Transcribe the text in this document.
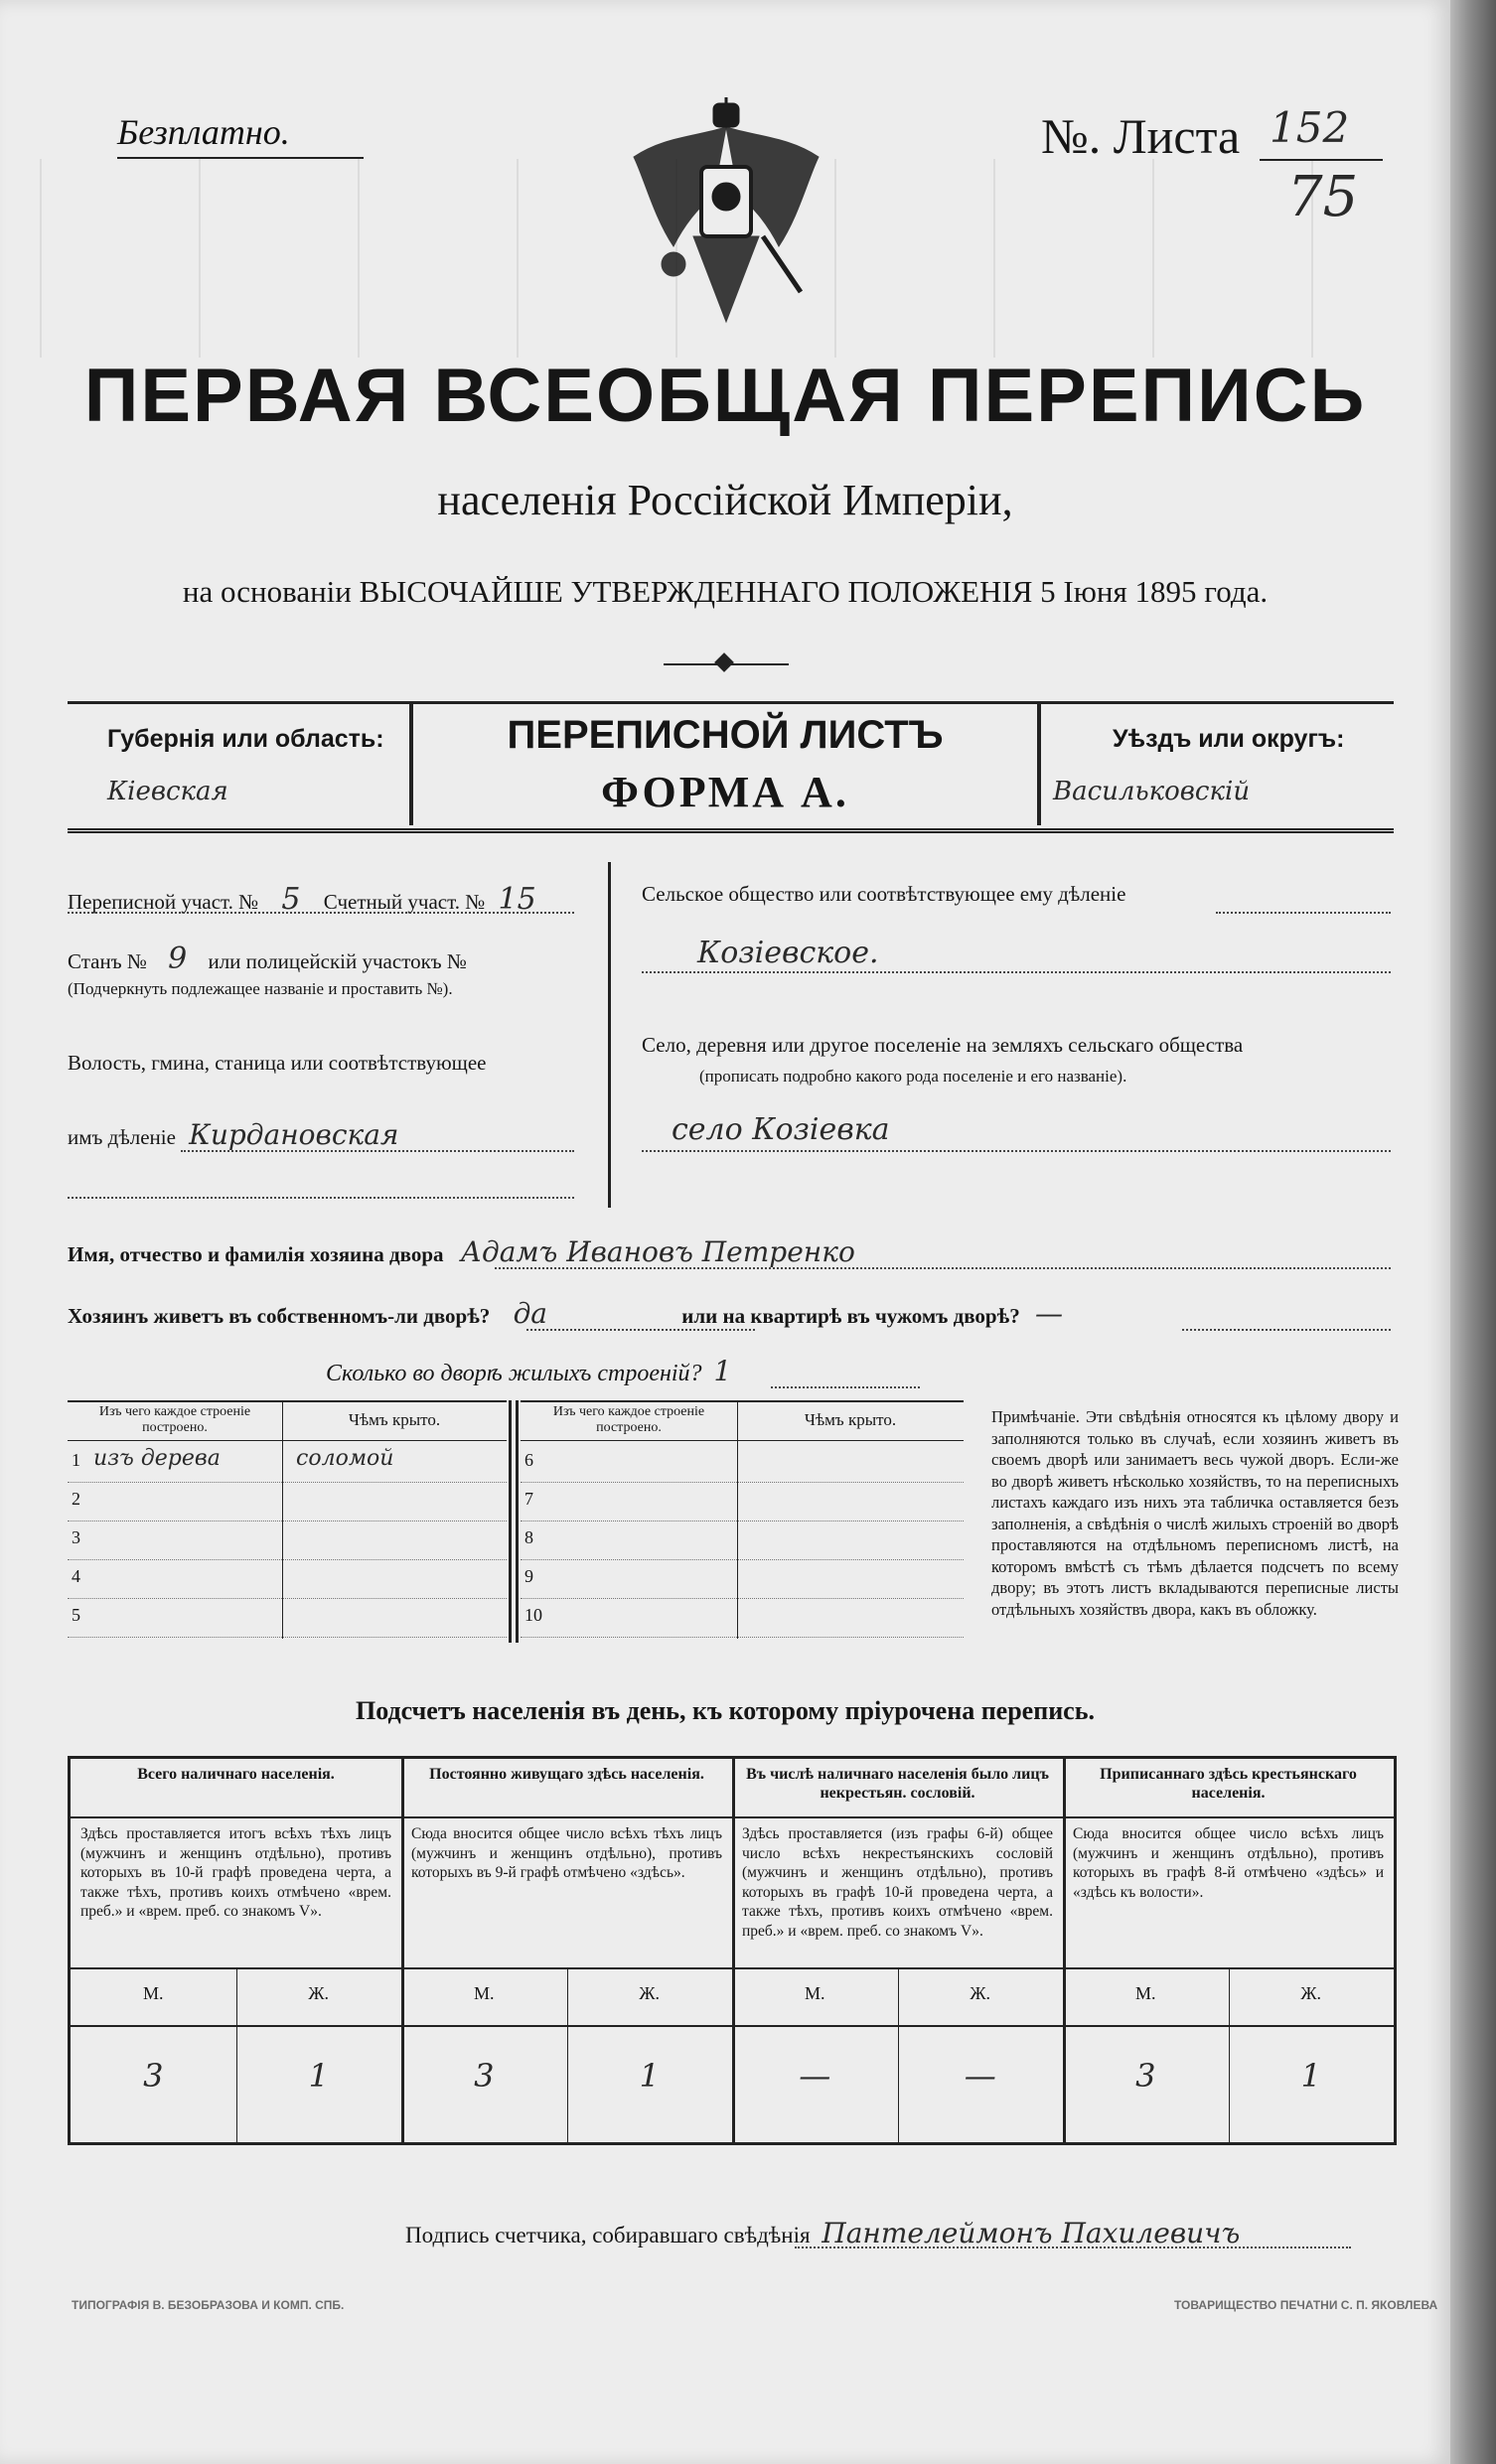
Безплатно.	№. Листа 152
75
ПЕРВАЯ ВСЕОБЩАЯ ПЕРЕПИСЬ
населенія Россійской Имперіи,
на основаніи ВЫСОЧАЙШЕ УТВЕРЖДЕННАГО ПОЛОЖЕНІЯ 5 Іюня 1895 года.
Губернія или область:
Кіевская
ПЕРЕПИСНОЙ ЛИСТЪ
ФОРМА А.
Уѣздъ или округъ:
Васильковскій
Переписной участ. № 5 Счетный участ. № 15
Станъ № 9 или полицейскій участокъ №
(Подчеркнуть подлежащее названіе и проставить №).
Волость, гмина, станица или соотвѣтствующее
имъ дѣленіе Кирдановская
Сельское общество или соотвѣтствующее ему дѣленіе
Козіевское.
Село, деревня или другое поселеніе на земляхъ сельскаго общества
(прописать подробно какого рода поселеніе и его названіе).
село Козіевка
Имя, отчество и фамилія хозяина двора Адамъ Ивановъ Петренко
Хозяинъ живетъ въ собственномъ-ли дворѣ? да	или на квартирѣ въ чужомъ дворѣ? —
Сколько во дворѣ жилыхъ строеній? 1
Изъ чего каждое строеніе построено.	Чѣмъ крыто.
1 изъ дерева	соломой
2
3
4
5
Изъ чего каждое строеніе построено.	Чѣмъ крыто.
6
7
8
9
10
Примѣчаніе. Эти свѣдѣнія относятся къ цѣлому двору и заполняются только въ случаѣ, если хозяинъ живетъ въ своемъ дворѣ или занимаетъ весь чужой дворъ. Если-же во дворѣ живетъ нѣсколько хозяйствъ, то на переписныхъ листахъ каждаго изъ нихъ эта табличка оставляется безъ заполненія, а свѣдѣнія о числѣ жилыхъ строеній во дворѣ проставляются на отдѣльномъ переписномъ листѣ, на которомъ вмѣстѣ съ тѣмъ дѣлается подсчетъ по всему двору; въ этотъ листъ вкладываются переписные листы отдѣльныхъ хозяйствъ двора, какъ въ обложку.
Подсчетъ населенія въ день, къ которому пріурочена перепись.
Всего наличнаго населенія.
Здѣсь проставляется итогъ всѣхъ тѣхъ лицъ (мужчинъ и женщинъ отдѣльно), противъ которыхъ въ 10-й графѣ проведена черта, а также тѣхъ, противъ коихъ отмѣчено «врем. преб.» и «врем. преб. со знакомъ V».
М.	Ж.
3	1
Постоянно живущаго здѣсь населенія.
Сюда вносится общее число всѣхъ тѣхъ лицъ (мужчинъ и женщинъ отдѣльно), противъ которыхъ въ 9-й графѣ отмѣчено «здѣсь».
М.	Ж.
3	1
Въ числѣ наличнаго населенія было лицъ некрестьян. сословій.
Здѣсь проставляется (изъ графы 6-й) общее число всѣхъ некрестьянскихъ сословій (мужчинъ и женщинъ отдѣльно), противъ которыхъ въ графѣ 10-й проведена черта, а также тѣхъ, противъ коихъ отмѣчено «врем. преб.» и «врем. преб. со знакомъ V».
М.	Ж.
—	—
Приписаннаго здѣсь крестьянскаго населенія.
Сюда вносится общее число всѣхъ лицъ (мужчинъ и женщинъ отдѣльно), противъ которыхъ въ графѣ 8-й отмѣчено «здѣсь» и «здѣсь къ волости».
М.	Ж.
3	1
Подпись счетчика, собиравшаго свѣдѣнія Пантелеймонъ Пахилевичъ
ТИПОГРАФІЯ В. БЕЗОБРАЗОВА И КОМП. СПБ.	ТОВАРИЩЕСТВО ПЕЧАТНИ С. П. ЯКОВЛЕВА
